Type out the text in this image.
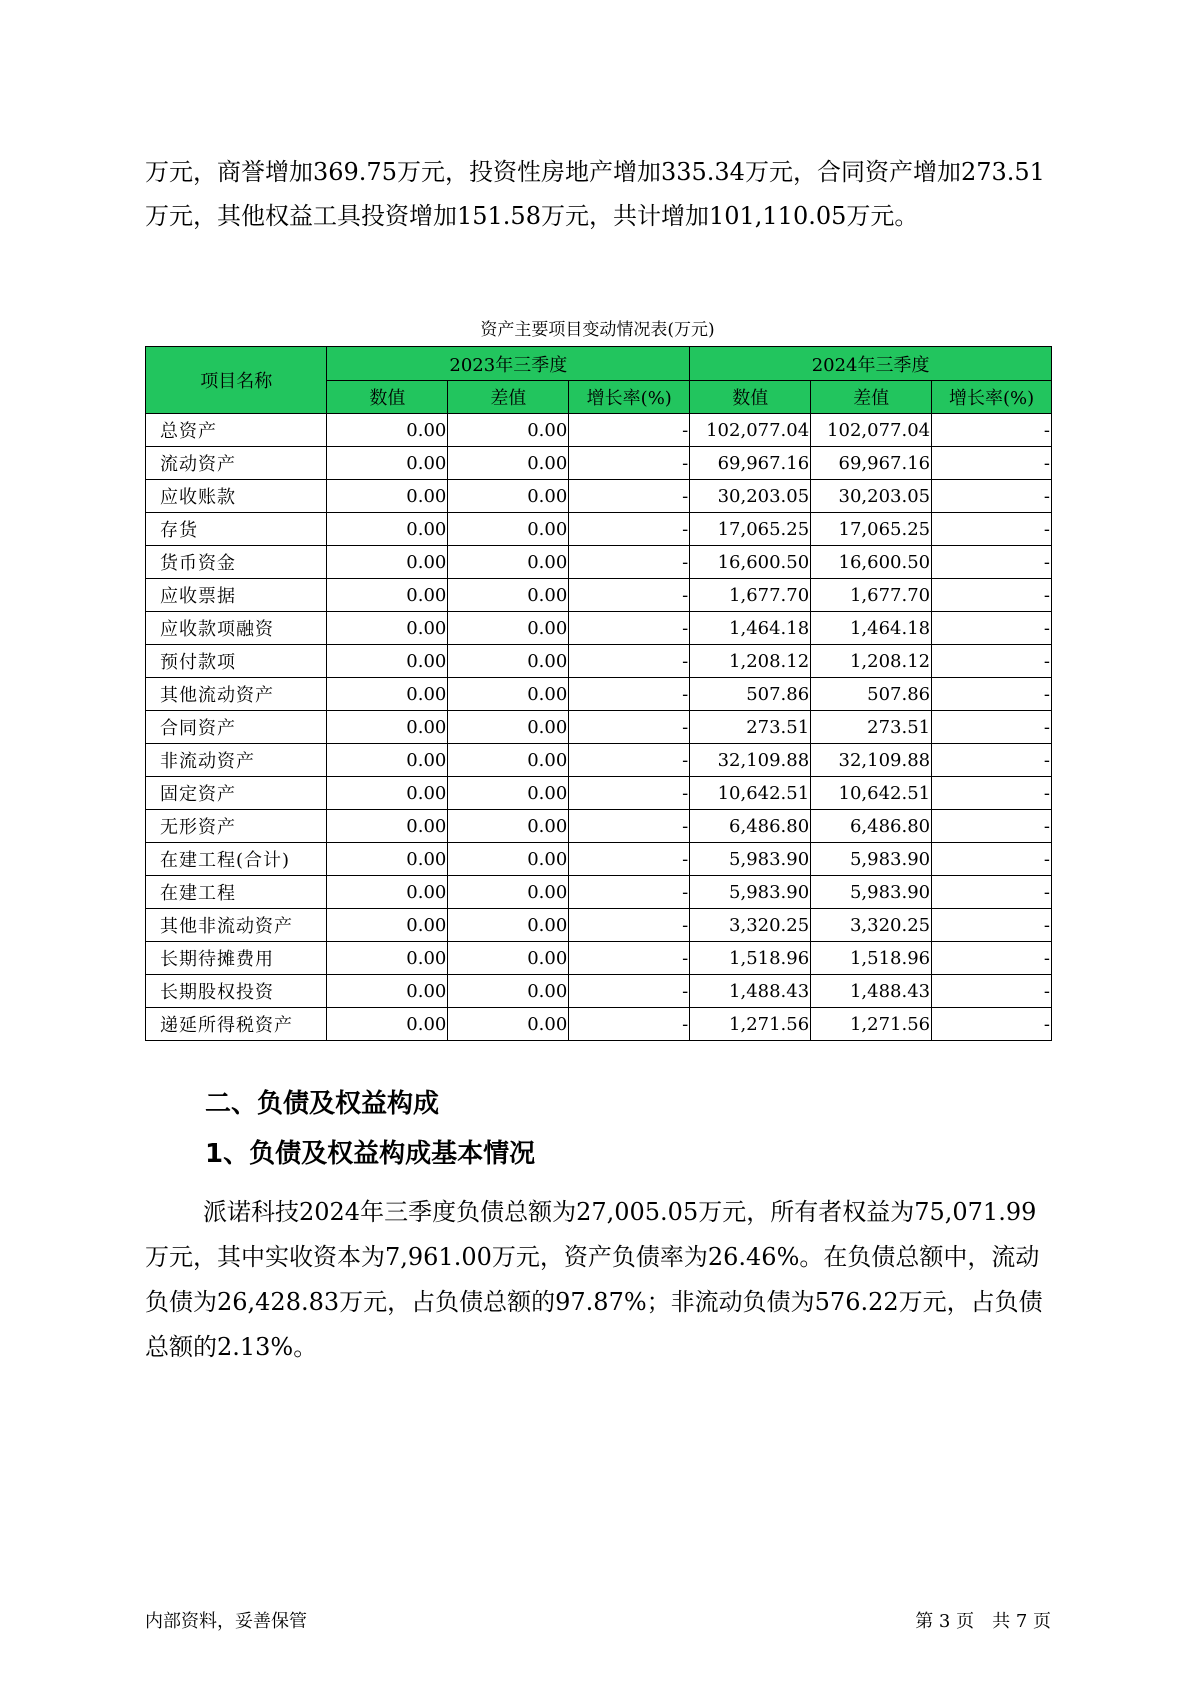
万元，商誉增加369.75万元，投资性房地产增加335.34万元，合同资产增加273.51万元，其他权益工具投资增加151.58万元，共计增加101,110.05万元。

资产主要项目变动情况表(万元)
项目名称	2023年三季度			2024年三季度		
	数值	差值	增长率(%)	数值	差值	增长率(%)
总资产	0.00	0.00	-	102,077.04	102,077.04	-
流动资产	0.00	0.00	-	69,967.16	69,967.16	-
应收账款	0.00	0.00	-	30,203.05	30,203.05	-
存货	0.00	0.00	-	17,065.25	17,065.25	-
货币资金	0.00	0.00	-	16,600.50	16,600.50	-
应收票据	0.00	0.00	-	1,677.70	1,677.70	-
应收款项融资	0.00	0.00	-	1,464.18	1,464.18	-
预付款项	0.00	0.00	-	1,208.12	1,208.12	-
其他流动资产	0.00	0.00	-	507.86	507.86	-
合同资产	0.00	0.00	-	273.51	273.51	-
非流动资产	0.00	0.00	-	32,109.88	32,109.88	-
固定资产	0.00	0.00	-	10,642.51	10,642.51	-
无形资产	0.00	0.00	-	6,486.80	6,486.80	-
在建工程(合计)	0.00	0.00	-	5,983.90	5,983.90	-
在建工程	0.00	0.00	-	5,983.90	5,983.90	-
其他非流动资产	0.00	0.00	-	3,320.25	3,320.25	-
长期待摊费用	0.00	0.00	-	1,518.96	1,518.96	-
长期股权投资	0.00	0.00	-	1,488.43	1,488.43	-
递延所得税资产	0.00	0.00	-	1,271.56	1,271.56	-
二、负债及权益构成
1、负债及权益构成基本情况

派诺科技2024年三季度负债总额为27,005.05万元，所有者权益为75,071.99万元，其中实收资本为7,961.00万元，资产负债率为26.46%。在负债总额中，流动负债为26,428.83万元，占负债总额的97.87%；非流动负债为576.22万元，占负债总额的2.13%。

内部资料，妥善保管	第 3 页　共 7 页
